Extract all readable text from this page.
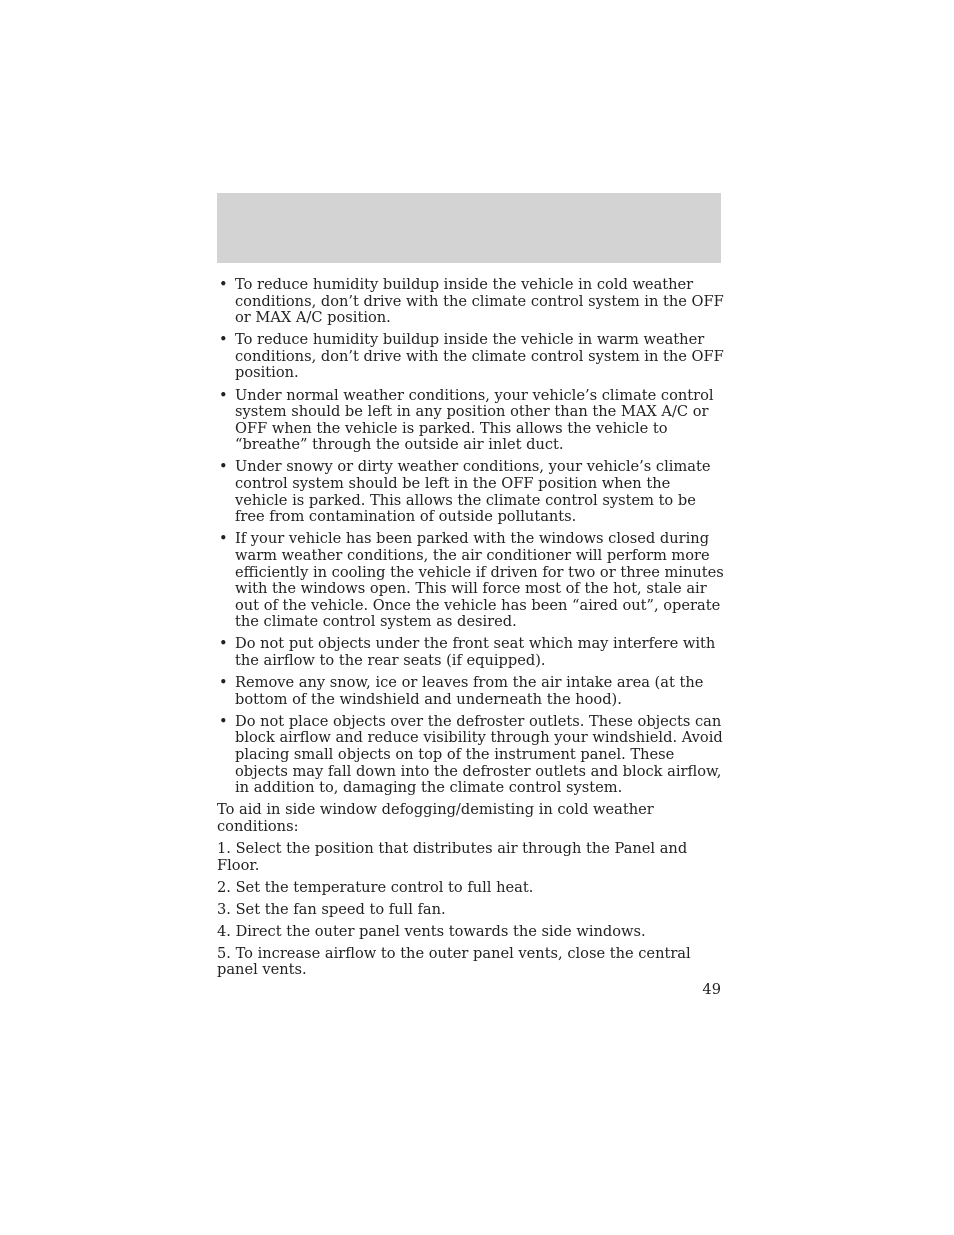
• To reduce humidity buildup inside the vehicle in cold weather conditions, don’t drive with the climate control system in the OFF or MAX A/C position.
• To reduce humidity buildup inside the vehicle in warm weather conditions, don’t drive with the climate control system in the OFF position.
• Under normal weather conditions, your vehicle’s climate control system should be left in any position other than the MAX A/C or OFF when the vehicle is parked. This allows the vehicle to “breathe” through the outside air inlet duct.
• Under snowy or dirty weather conditions, your vehicle’s climate control system should be left in the OFF position when the vehicle is parked. This allows the climate control system to be free from contamination of outside pollutants.
• If your vehicle has been parked with the windows closed during warm weather conditions, the air conditioner will perform more efficiently in cooling the vehicle if driven for two or three minutes with the windows open. This will force most of the hot, stale air out of the vehicle. Once the vehicle has been “aired out”, operate the climate control system as desired.
• Do not put objects under the front seat which may interfere with the airflow to the rear seats (if equipped).
• Remove any snow, ice or leaves from the air intake area (at the bottom of the windshield and underneath the hood).
• Do not place objects over the defroster outlets. These objects can block airflow and reduce visibility through your windshield. Avoid placing small objects on top of the instrument panel. These objects may fall down into the defroster outlets and block airflow, in addition to, damaging the climate control system.

To aid in side window defogging/demisting in cold weather conditions:

1. Select the position that distributes air through the Panel and Floor.

2. Set the temperature control to full heat.

3. Set the fan speed to full fan.

4. Direct the outer panel vents towards the side windows.

5. To increase airflow to the outer panel vents, close the central panel vents.

49
